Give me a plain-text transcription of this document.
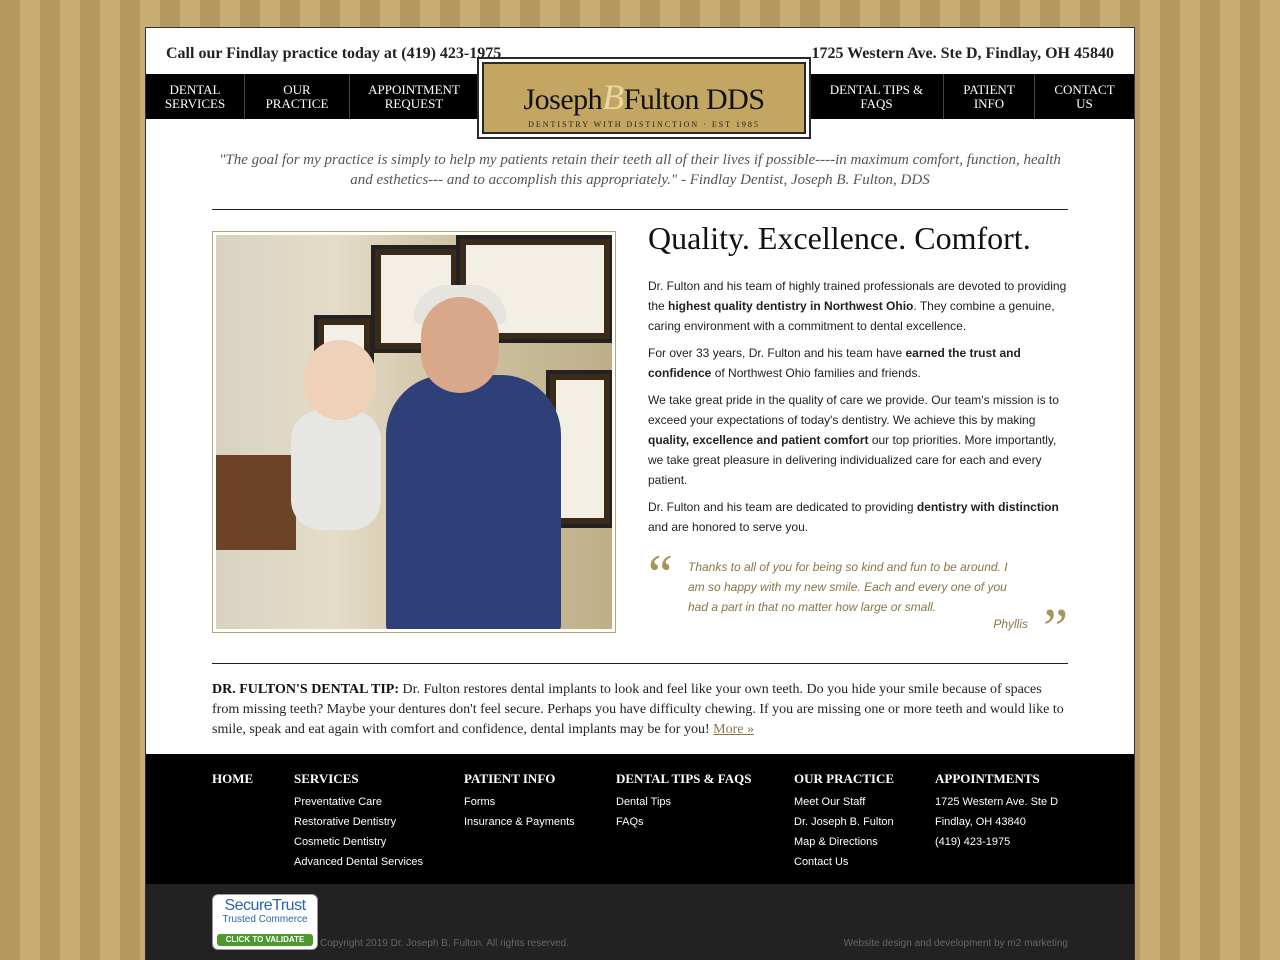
Call our Findlay practice today at (419) 423-1975	1725 Western Ave. Ste D, Findlay, OH 45840
DENTAL
SERVICES
OUR
PRACTICE
APPOINTMENT
REQUEST
DENTAL TIPS &
FAQS
PATIENT
INFO
CONTACT
US
JosephBFulton DDS
DENTISTRY WITH DISTINCTION · EST 1985
"The goal for my practice is simply to help my patients retain their teeth all of their lives if possible----in maximum comfort, function, health and esthetics--- and to accomplish this appropriately." - Findlay Dentist, Joseph B. Fulton, DDS
Quality. Excellence. Comfort.

Dr. Fulton and his team of highly trained professionals are devoted to providing the highest quality dentistry in Northwest Ohio. They combine a genuine, caring environment with a commitment to dental excellence.

For over 33 years, Dr. Fulton and his team have earned the trust and confidence of Northwest Ohio families and friends.

We take great pride in the quality of care we provide. Our team's mission is to exceed your expectations of today's dentistry. We achieve this by making quality, excellence and patient comfort our top priorities. More importantly, we take great pleasure in delivering individualized care for each and every patient.

Dr. Fulton and his team are dedicated to providing dentistry with distinction and are honored to serve you.

“ Thanks to all of you for being so kind and fun to be around. I am so happy with my new smile. Each and every one of you had a part in that no matter how large or small.
Phyllis ”
DR. FULTON'S DENTAL TIP: Dr. Fulton restores dental implants to look and feel like your own teeth. Do you hide your smile because of spaces from missing teeth? Maybe your dentures don't feel secure. Perhaps you have difficulty chewing. If you are missing one or more teeth and would like to smile, speak and eat again with comfort and confidence, dental implants may be for you! More »
HOME	SERVICES
Preventative Care
Restorative Dentistry
Cosmetic Dentistry
Advanced Dental Services
PATIENT INFO
Forms
Insurance & Payments
DENTAL TIPS & FAQS
Dental Tips
FAQs
OUR PRACTICE
Meet Our Staff
Dr. Joseph B. Fulton
Map & Directions
Contact Us
APPOINTMENTS
1725 Western Ave. Ste D
Findlay, OH 43840
(419) 423-1975
SecureTrust
Trusted Commerce
CLICK TO VALIDATE	Copyright 2019 Dr. Joseph B. Fulton. All rights reserved.	Website design and development by m2 marketing
